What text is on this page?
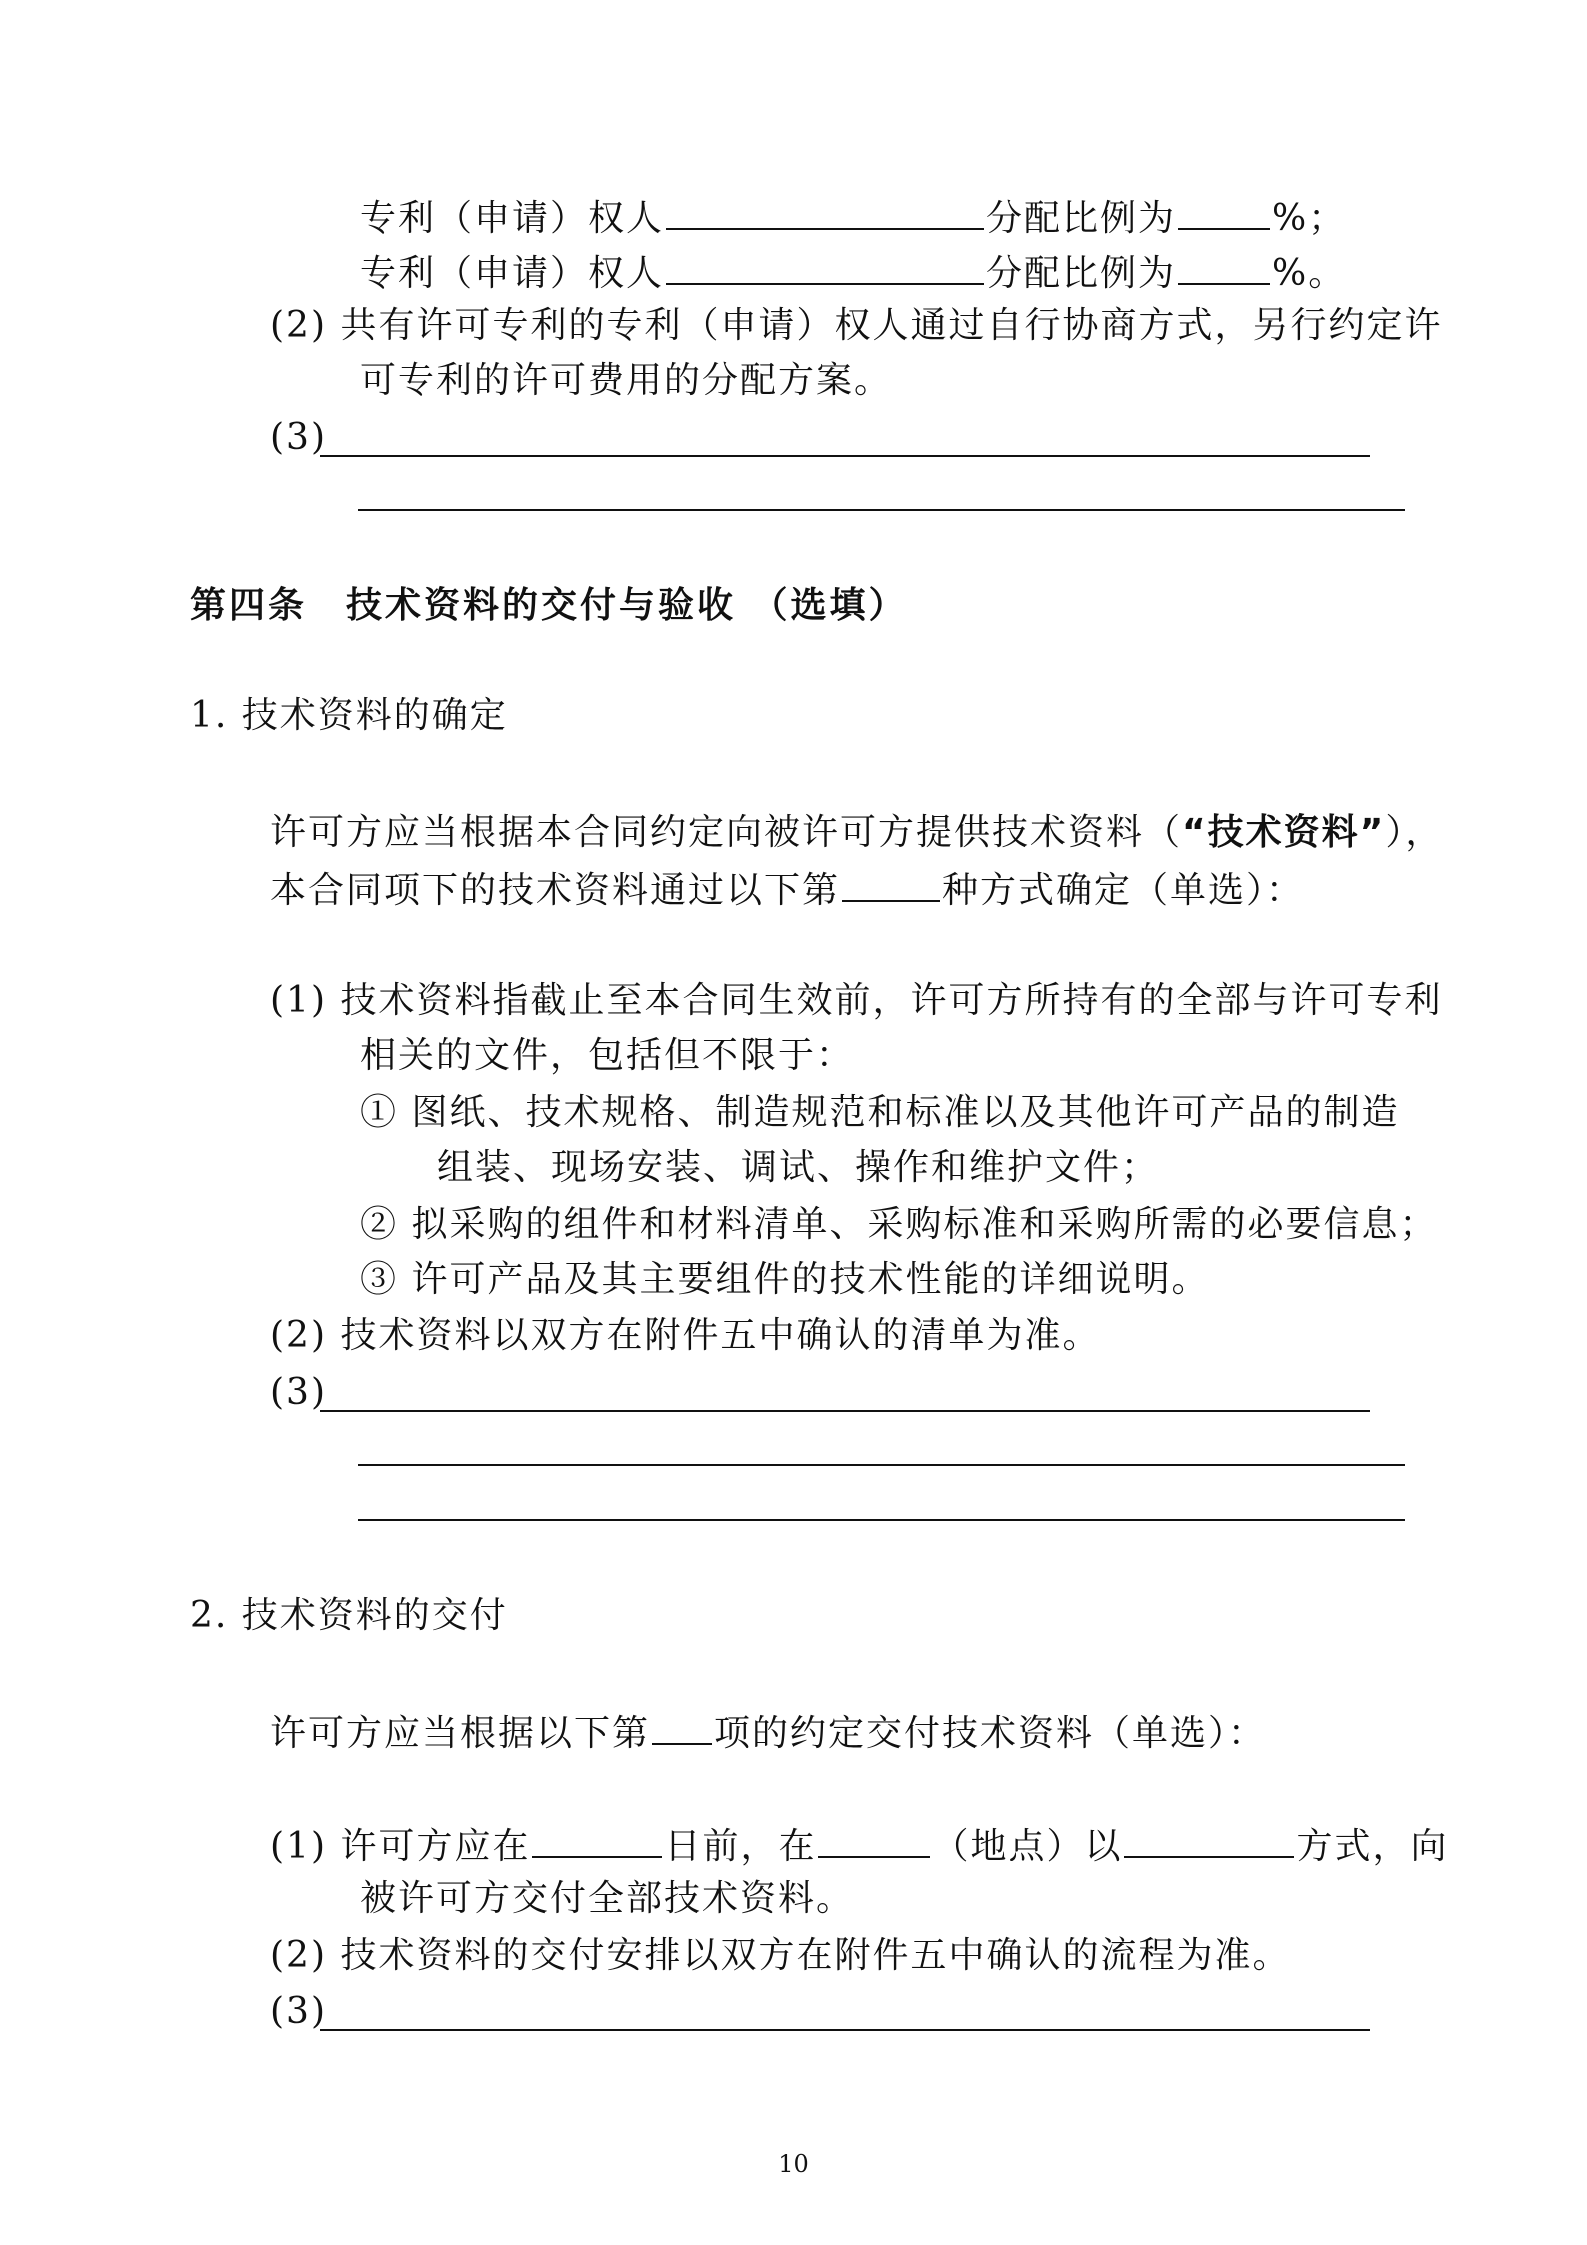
专利（申请）权人	分配比例为	%；
专利（申请）权人	分配比例为	%。
(2) 共有许可专利的专利（申请）权人通过自行协商方式，另行约定许
可专利的许可费用的分配方案。
(3)
第四条　技术资料的交付与验收 （选填）
1. 技术资料的确定
许可方应当根据本合同约定向被许可方提供技术资料（“技术资料”），
本合同项下的技术资料通过以下第	种方式确定（单选）：
(1) 技术资料指截止至本合同生效前，许可方所持有的全部与许可专利
相关的文件，包括但不限于：
① 图纸、技术规格、制造规范和标准以及其他许可产品的制造
组装、现场安装、调试、操作和维护文件；
② 拟采购的组件和材料清单、采购标准和采购所需的必要信息；
③ 许可产品及其主要组件的技术性能的详细说明。
(2) 技术资料以双方在附件五中确认的清单为准。
(3)
2. 技术资料的交付
许可方应当根据以下第 项的约定交付技术资料（单选）：
(1) 许可方应在	日前，在	（地点）以	方式，向
被许可方交付全部技术资料。
(2) 技术资料的交付安排以双方在附件五中确认的流程为准。
(3)
10
